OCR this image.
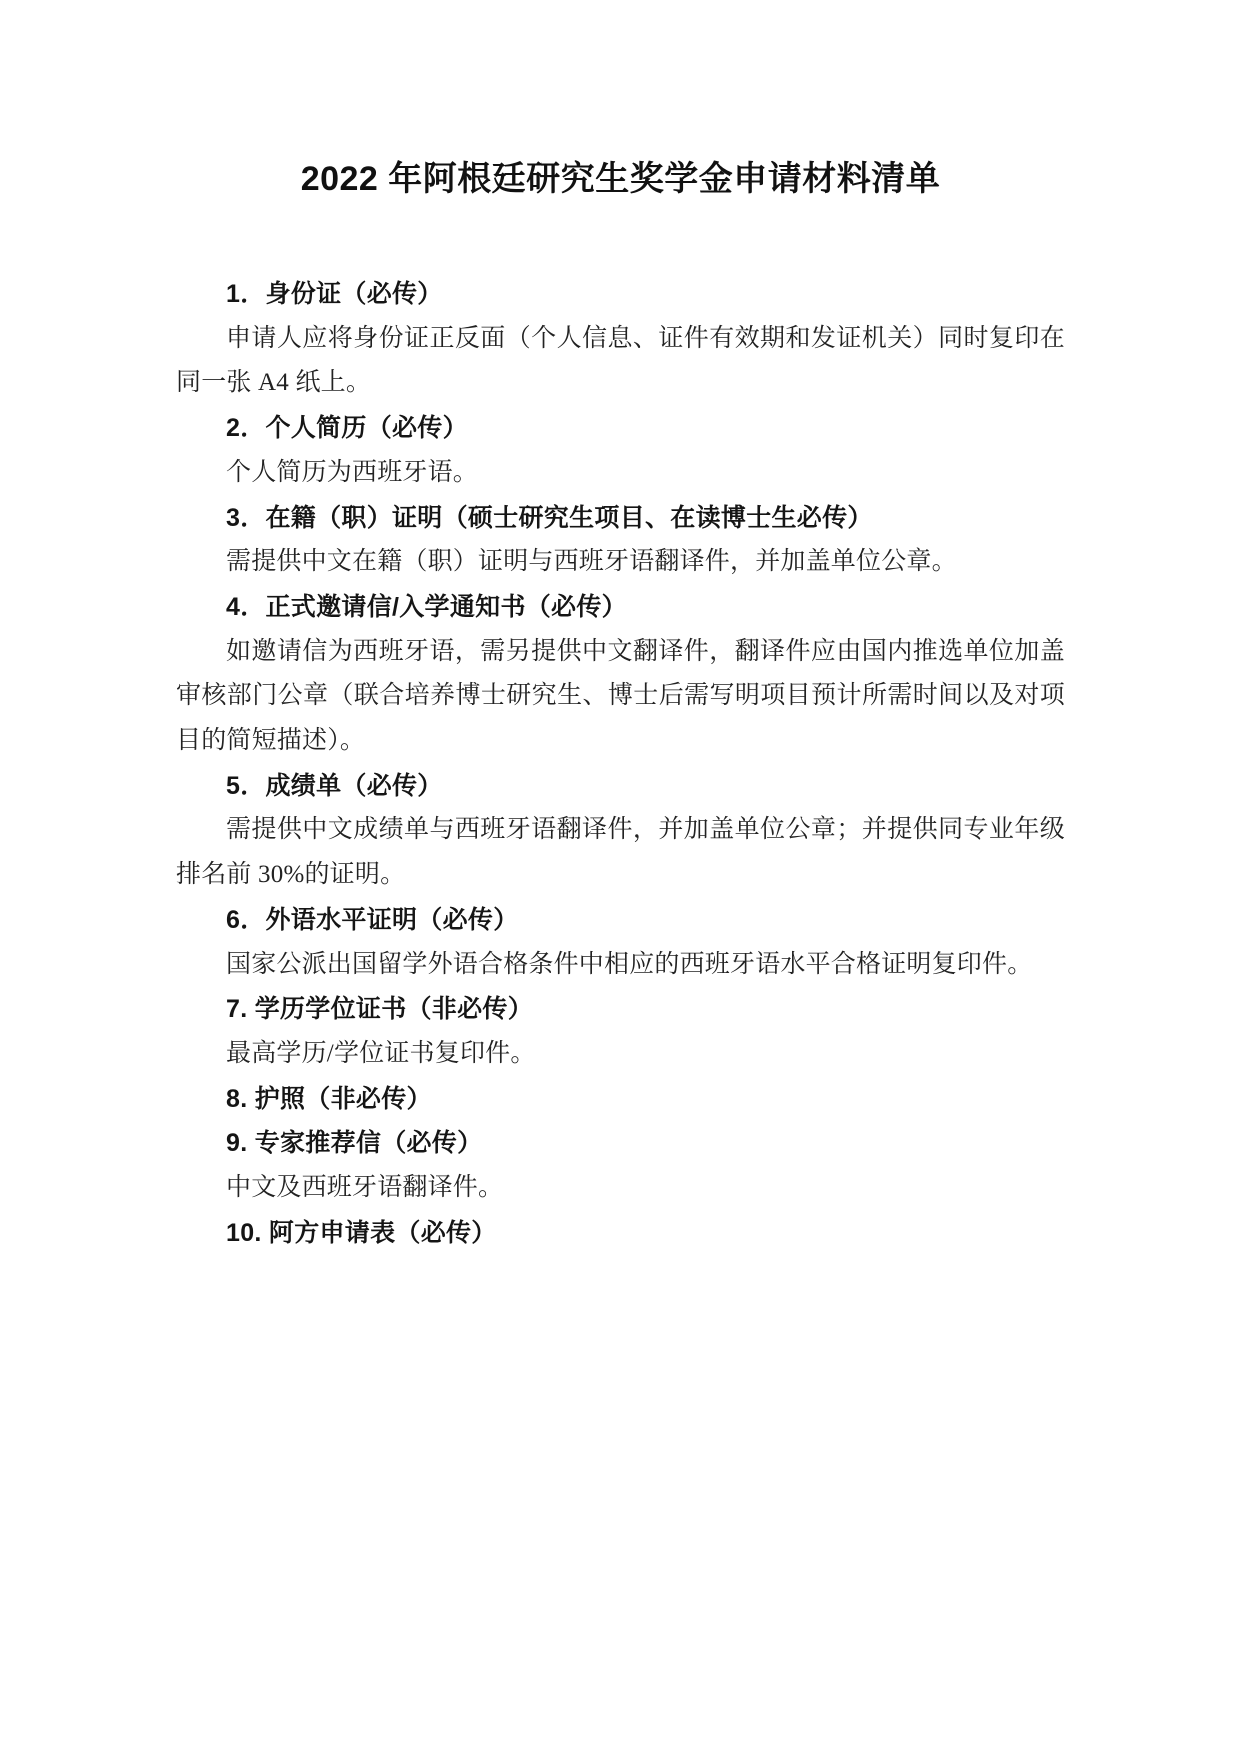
2022 年阿根廷研究生奖学金申请材料清单
1．身份证（必传）

申请人应将身份证正反面（个人信息、证件有效期和发证机关）同时复印在同一张 A4 纸上。

2．个人简历（必传）

个人简历为西班牙语。

3．在籍（职）证明（硕士研究生项目、在读博士生必传）

需提供中文在籍（职）证明与西班牙语翻译件，并加盖单位公章。

4．正式邀请信/入学通知书（必传）

如邀请信为西班牙语，需另提供中文翻译件，翻译件应由国内推选单位加盖审核部门公章（联合培养博士研究生、博士后需写明项目预计所需时间以及对项目的简短描述）。

5．成绩单（必传）

需提供中文成绩单与西班牙语翻译件，并加盖单位公章；并提供同专业年级排名前 30%的证明。

6．外语水平证明（必传）

国家公派出国留学外语合格条件中相应的西班牙语水平合格证明复印件。

7. 学历学位证书（非必传）

最高学历/学位证书复印件。

8. 护照（非必传）
9. 专家推荐信（必传）

中文及西班牙语翻译件。

10. 阿方申请表（必传）
